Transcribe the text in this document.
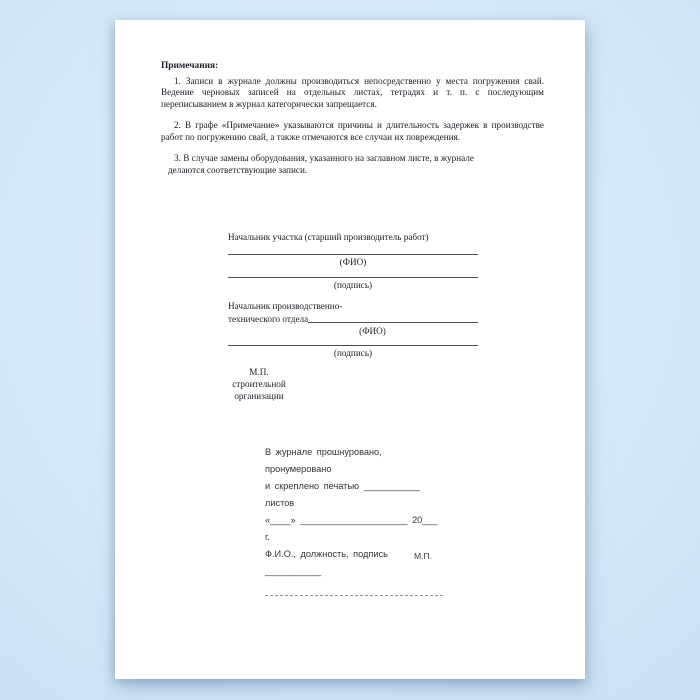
Примечания:

1. Записи в журнале должны производиться непосредственно у места погружения свай. Ведение черновых записей на отдельных листах, тетрадях и т. п. с последующим переписыванием в журнал категорически запрещается.

2. В графе «Примечание» указываются причины и длительность задержек в производстве работ по погружению свай, а также отмечаются все случаи их повреждения.

3. В случае замены оборудования, указанного на заглавном листе, в журнале

делаются соответствующие записи.

Начальник участка (старший производитель работ)
(ФИО)
(подпись)
Начальник производственно-
технического отдела
(ФИО)
(подпись)
М.П.
строительной
организации
В журнале прошнуровано, пронумеровано
и скреплено печатью ___________ листов
«____» _____________________ 20___ г.
Ф.И.О., должность, подпись ___________
М.П.
